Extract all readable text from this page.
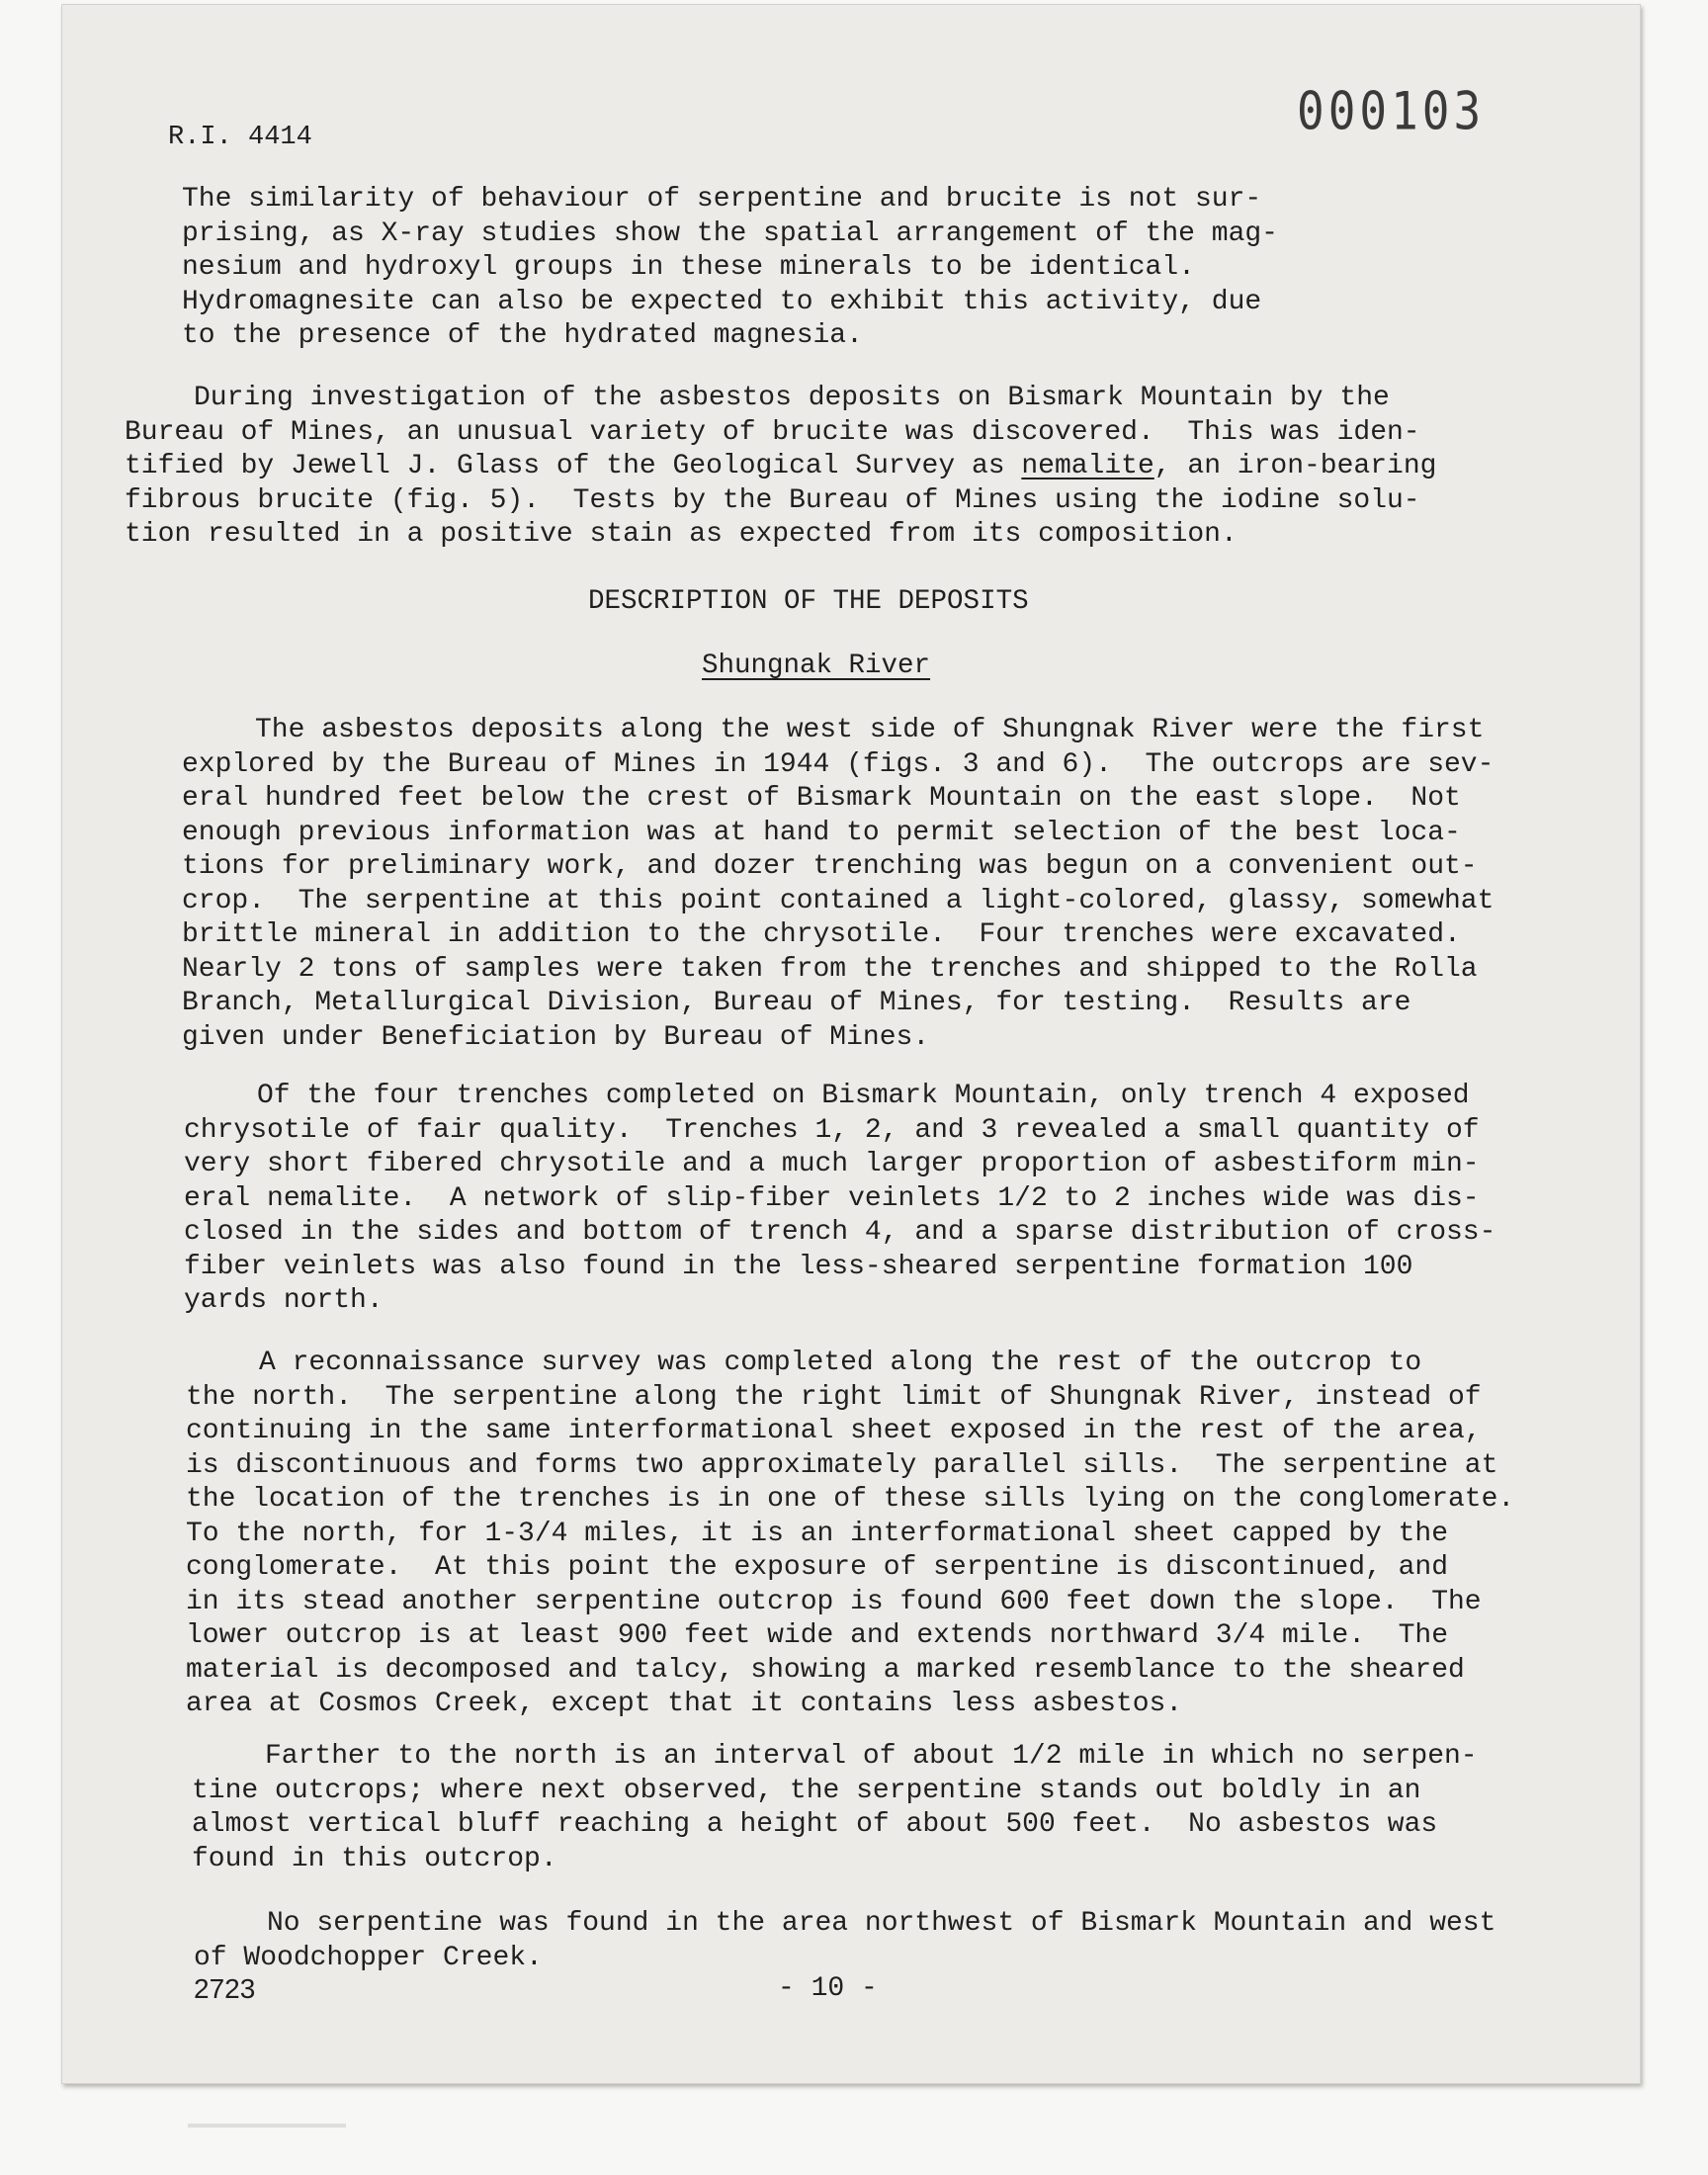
000103
R.I. 4414
The similarity of behaviour of serpentine and brucite is not sur-
prising, as X-ray studies show the spatial arrangement of the mag-
nesium and hydroxyl groups in these minerals to be identical.
Hydromagnesite can also be expected to exhibit this activity, due
to the presence of the hydrated magnesia.
During investigation of the asbestos deposits on Bismark Mountain by the
Bureau of Mines, an unusual variety of brucite was discovered.  This was iden-
tified by Jewell J. Glass of the Geological Survey as nemalite, an iron-bearing
fibrous brucite (fig. 5).  Tests by the Bureau of Mines using the iodine solu-
tion resulted in a positive stain as expected from its composition.
DESCRIPTION OF THE DEPOSITS
Shungnak River
The asbestos deposits along the west side of Shungnak River were the first
explored by the Bureau of Mines in 1944 (figs. 3 and 6).  The outcrops are sev-
eral hundred feet below the crest of Bismark Mountain on the east slope.  Not
enough previous information was at hand to permit selection of the best loca-
tions for preliminary work, and dozer trenching was begun on a convenient out-
crop.  The serpentine at this point contained a light-colored, glassy, somewhat
brittle mineral in addition to the chrysotile.  Four trenches were excavated.
Nearly 2 tons of samples were taken from the trenches and shipped to the Rolla
Branch, Metallurgical Division, Bureau of Mines, for testing.  Results are
given under Beneficiation by Bureau of Mines.
Of the four trenches completed on Bismark Mountain, only trench 4 exposed
chrysotile of fair quality.  Trenches 1, 2, and 3 revealed a small quantity of
very short fibered chrysotile and a much larger proportion of asbestiform min-
eral nemalite.  A network of slip-fiber veinlets 1/2 to 2 inches wide was dis-
closed in the sides and bottom of trench 4, and a sparse distribution of cross-
fiber veinlets was also found in the less-sheared serpentine formation 100
yards north.
A reconnaissance survey was completed along the rest of the outcrop to
the north.  The serpentine along the right limit of Shungnak River, instead of
continuing in the same interformational sheet exposed in the rest of the area,
is discontinuous and forms two approximately parallel sills.  The serpentine at
the location of the trenches is in one of these sills lying on the conglomerate.
To the north, for 1-3/4 miles, it is an interformational sheet capped by the
conglomerate.  At this point the exposure of serpentine is discontinued, and
in its stead another serpentine outcrop is found 600 feet down the slope.  The
lower outcrop is at least 900 feet wide and extends northward 3/4 mile.  The
material is decomposed and talcy, showing a marked resemblance to the sheared
area at Cosmos Creek, except that it contains less asbestos.
Farther to the north is an interval of about 1/2 mile in which no serpen-
tine outcrops; where next observed, the serpentine stands out boldly in an
almost vertical bluff reaching a height of about 500 feet.  No asbestos was
found in this outcrop.
No serpentine was found in the area northwest of Bismark Mountain and west
of Woodchopper Creek.
2723	- 10 -
